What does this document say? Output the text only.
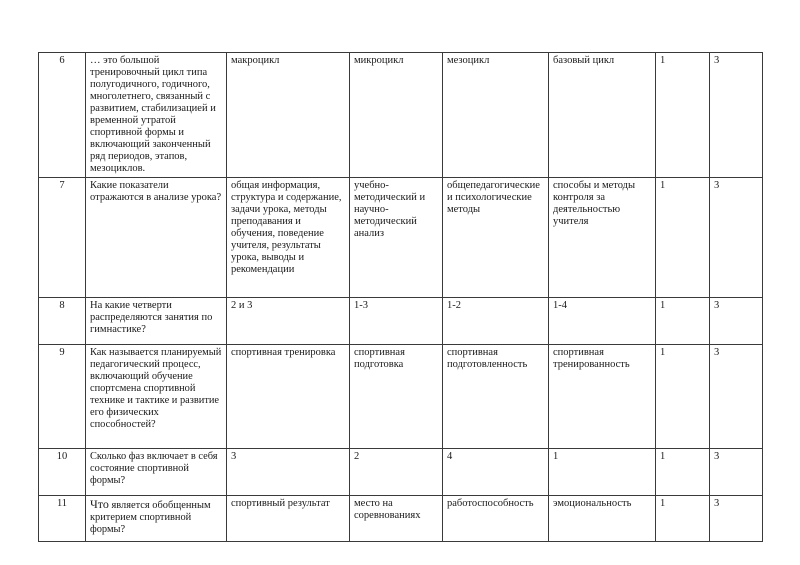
6	… это большой тренировочный цикл типа полугодичного, годичного, многолетнего, связанный с развитием, стабилизацией и временной утратой спортивной формы и включающий законченный ряд периодов, этапов, мезоциклов.	макроцикл	микроцикл	мезоцикл	базовый цикл	1	3
7	Какие показатели отражаются в анализе урока?	общая информация, структура и содержание, задачи урока, методы преподавания и обучения, поведение учителя, результаты урока, выводы и рекомендации	учебно-методический и научно-методический анализ	общепедагогические и психологические методы	способы и методы контроля за деятельностью учителя	1	3
8	На какие четверти распределяются занятия по гимнастике?	2 и 3	1-3	1-2	1-4	1	3
9	Как называется планируемый педагогический процесс, включающий обучение спортсмена спортивной технике и тактике и развитие его физических способностей?	спортивная тренировка	спортивная подготовка	спортивная подготовленность	спортивная тренированность	1	3
10	Сколько фаз включает в себя состояние спортивной формы?	3	2	4	1	1	3
11	Что является обобщенным критерием спортивной формы?	спортивный результат	место на соревнованиях	работоспособность	эмоциональность	1	3
